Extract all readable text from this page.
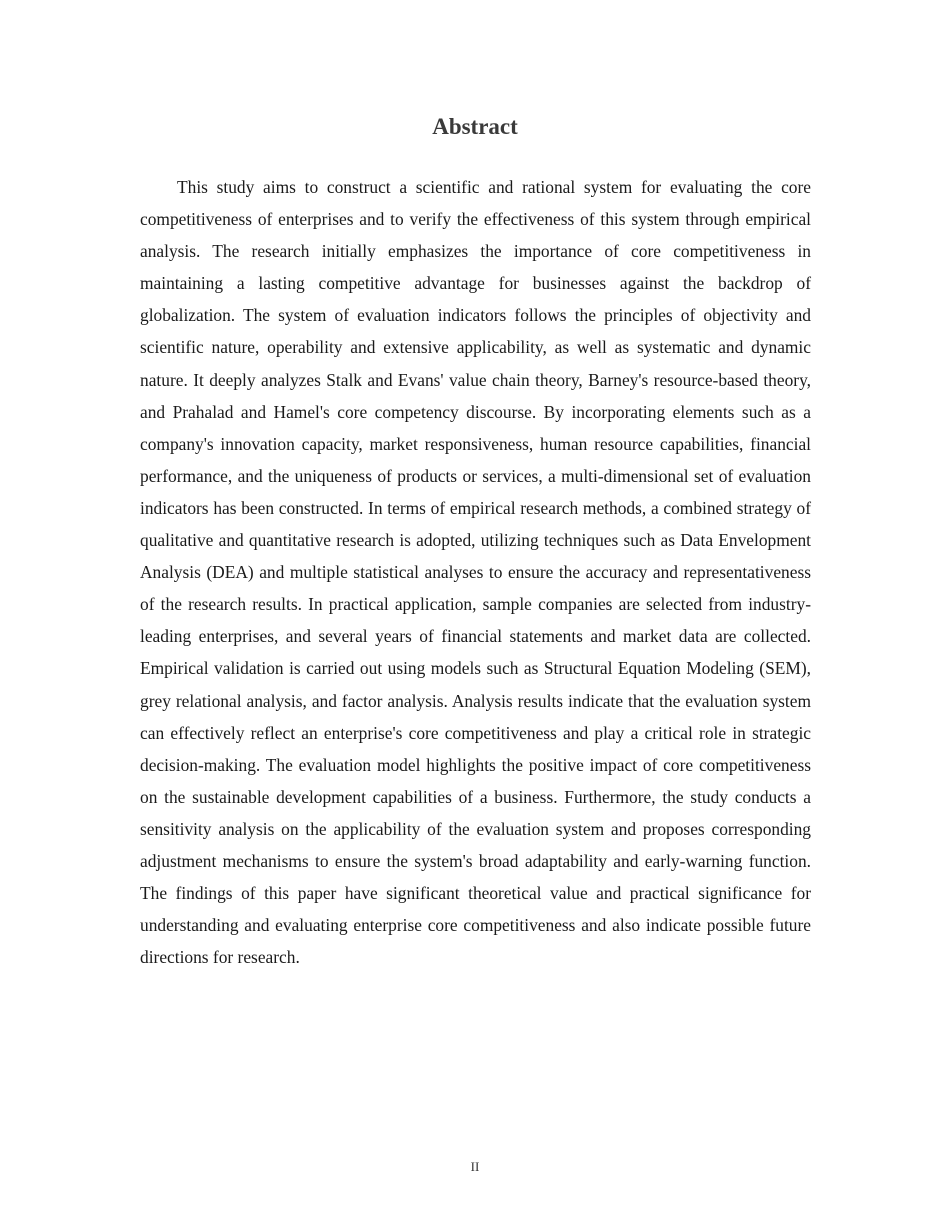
Abstract

This study aims to construct a scientific and rational system for evaluating the core competitiveness of enterprises and to verify the effectiveness of this system through empirical analysis. The research initially emphasizes the importance of core competitiveness in maintaining a lasting competitive advantage for businesses against the backdrop of globalization. The system of evaluation indicators follows the principles of objectivity and scientific nature, operability and extensive applicability, as well as systematic and dynamic nature. It deeply analyzes Stalk and Evans' value chain theory, Barney's resource-based theory, and Prahalad and Hamel's core competency discourse. By incorporating elements such as a company's innovation capacity, market responsiveness, human resource capabilities, financial performance, and the uniqueness of products or services, a multi-dimensional set of evaluation indicators has been constructed. In terms of empirical research methods, a combined strategy of qualitative and quantitative research is adopted, utilizing techniques such as Data Envelopment Analysis (DEA) and multiple statistical analyses to ensure the accuracy and representativeness of the research results. In practical application, sample companies are selected from industry-leading enterprises, and several years of financial statements and market data are collected. Empirical validation is carried out using models such as Structural Equation Modeling (SEM), grey relational analysis, and factor analysis. Analysis results indicate that the evaluation system can effectively reflect an enterprise's core competitiveness and play a critical role in strategic decision-making. The evaluation model highlights the positive impact of core competitiveness on the sustainable development capabilities of a business. Furthermore, the study conducts a sensitivity analysis on the applicability of the evaluation system and proposes corresponding adjustment mechanisms to ensure the system's broad adaptability and early-warning function. The findings of this paper have significant theoretical value and practical significance for understanding and evaluating enterprise core competitiveness and also indicate possible future directions for research.

II
